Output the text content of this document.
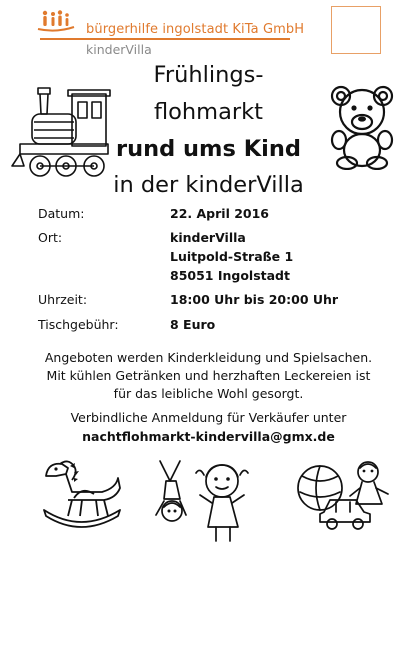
bürgerhilfe ingolstadt KiTa GmbH
kinderVilla
Frühlings-
flohmarkt
rund ums Kind
in der kinderVilla
Datum:	22. April 2016
Ort:	kinderVilla
Luitpold-Straße 1
85051 Ingolstadt
Uhrzeit:	18:00 Uhr bis 20:00 Uhr
Tischgebühr:	8 Euro
Angeboten werden Kinderkleidung und Spielsachen.
Mit kühlen Getränken und herzhaften Leckereien ist
für das leibliche Wohl gesorgt.
Verbindliche Anmeldung für Verkäufer unter
nachtflohmarkt-kindervilla@gmx.de
